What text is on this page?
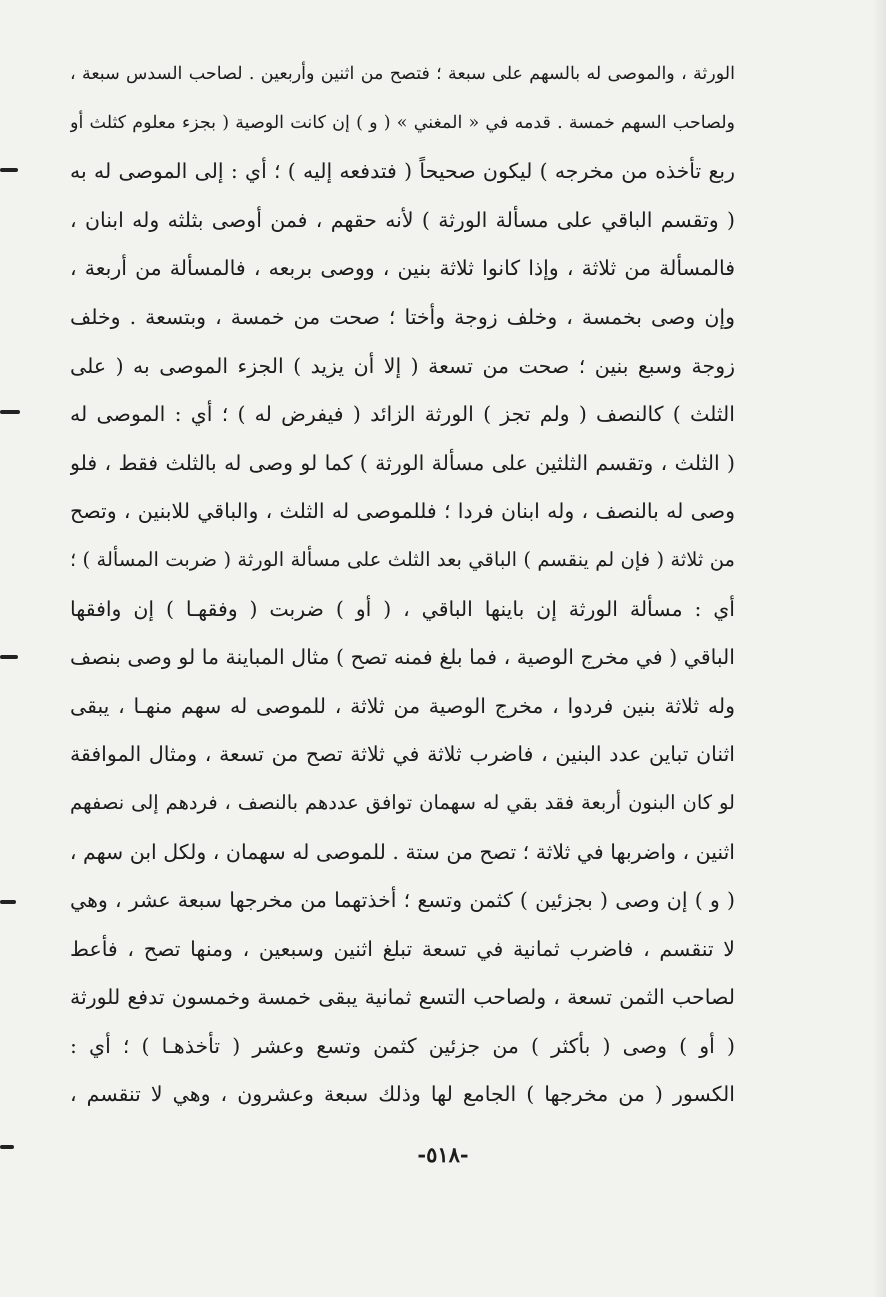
الورثة ، والموصى له بالسهم على سبعة ؛ فتصح من اثنين وأربعين . لصاحب السدس سبعة ،
ولصاحب السهم خمسة . قدمه في « المغني » ( و ) إن كانت الوصية ( بجزء معلوم كثلث أو
ربع تأخذه من مخرجه ) ليكون صحيحاً ( فتدفعه إليه ) ؛ أي : إلى الموصى له به
( وتقسم الباقي على مسألة الورثة ) لأنه حقهم ، فمن أوصى بثلثه وله ابنان ،
فالمسألة من ثلاثة ، وإذا كانوا ثلاثة بنين ، ووصى بربعه ، فالمسألة من أربعة ،
وإن وصى بخمسة ، وخلف زوجة وأختا ؛ صحت من خمسة ، وبتسعة . وخلف
زوجة وسبع بنين ؛ صحت من تسعة ( إلا أن يزيد ) الجزء الموصى به ( على
الثلث ) كالنصف ( ولم تجز ) الورثة الزائد ( فيفرض له ) ؛ أي : الموصى له
( الثلث ، وتقسم الثلثين على مسألة الورثة ) كما لو وصى له بالثلث فقط ، فلو
وصى له بالنصف ، وله ابنان فردا ؛ فللموصى له الثلث ، والباقي للابنين ، وتصح
من ثلاثة ( فإن لم ينقسم ) الباقي بعد الثلث على مسألة الورثة ( ضربت المسألة ) ؛
أي : مسألة الورثة إن باينها الباقي ، ( أو ) ضربت ( وفقهـا ) إن وافقها
الباقي ( في مخرج الوصية ، فما بلغ فمنه تصح ) مثال المباينة ما لو وصى بنصف
وله ثلاثة بنين فردوا ، مخرج الوصية من ثلاثة ، للموصى له سهم منهـا ، يبقى
اثنان تباين عدد البنين ، فاضرب ثلاثة في ثلاثة تصح من تسعة ، ومثال الموافقة
لو كان البنون أربعة فقد بقي له سهمان توافق عددهم بالنصف ، فردهم إلى نصفهم
اثنين ، واضربها في ثلاثة ؛ تصح من ستة . للموصى له سهمان ، ولكل ابن سهم ،
( و ) إن وصى ( بجزئين ) كثمن وتسع ؛ أخذتهما من مخرجها سبعة عشر ، وهي
لا تنقسم ، فاضرب ثمانية في تسعة تبلغ اثنين وسبعين ، ومنها تصح ، فأعط
لصاحب الثمن تسعة ، ولصاحب التسع ثمانية يبقى خمسة وخمسون تدفع للورثة
( أو ) وصى ( بأكثر ) من جزئين كثمن وتسع وعشر ( تأخذهـا ) ؛ أي :
الكسور ( من مخرجها ) الجامع لها وذلك سبعة وعشرون ، وهي لا تنقسم ،
-٥١٨-
